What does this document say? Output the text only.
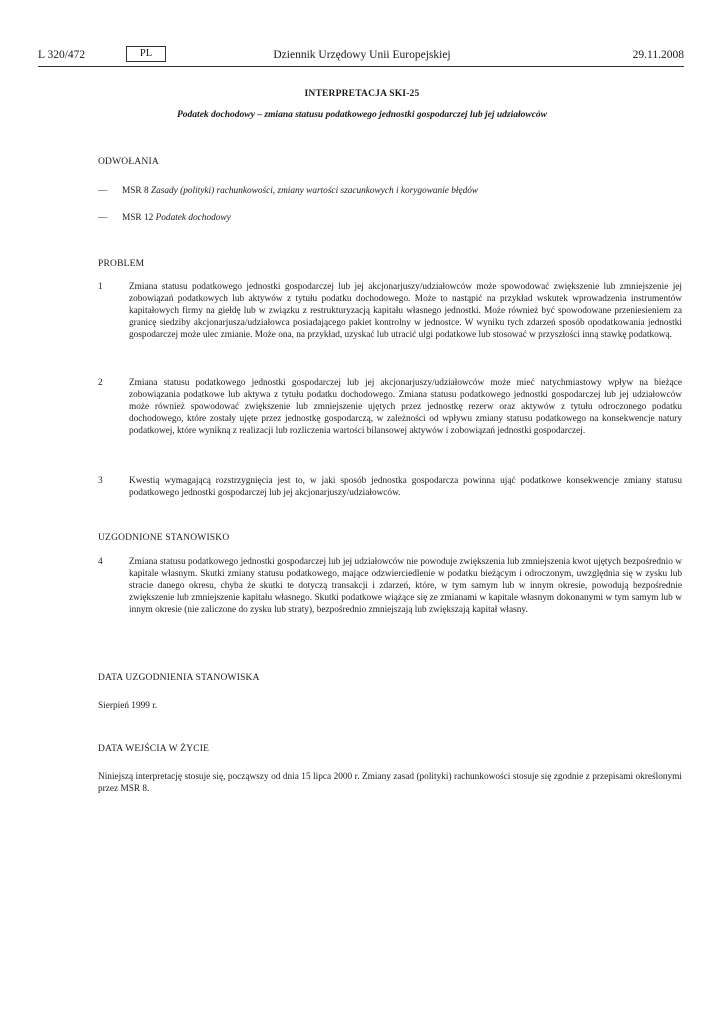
L 320/472	PL	Dziennik Urzędowy Unii Europejskiej	29.11.2008
INTERPRETACJA SKI-25
Podatek dochodowy – zmiana statusu podatkowego jednostki gospodarczej lub jej udziałowców
ODWOŁANIA
— MSR 8 Zasady (polityki) rachunkowości, zmiany wartości szacunkowych i korygowanie błędów
— MSR 12 Podatek dochodowy
PROBLEM
1	Zmiana statusu podatkowego jednostki gospodarczej lub jej akcjonarjuszy/udziałowców może spowodować zwiększenie lub zmniejszenie jej zobowiązań podatkowych lub aktywów z tytułu podatku dochodowego. Może to nastąpić na przykład wskutek wprowadzenia instrumentów kapitałowych firmy na giełdę lub w związku z restrukturyzacją kapitału własnego jednostki. Może również być spowodowane przeniesieniem za granicę siedziby akcjonarjusza/udziałowca posiadającego pakiet kontrolny w jednostce. W wyniku tych zdarzeń sposób opodatkowania jednostki gospodarczej może ulec zmianie. Może ona, na przykład, uzyskać lub utracić ulgi podatkowe lub stosować w przyszłości inną stawkę podatkową.
2	Zmiana statusu podatkowego jednostki gospodarczej lub jej akcjonarjuszy/udziałowców może mieć natychmiastowy wpływ na bieżące zobowiązania podatkowe lub aktywa z tytułu podatku dochodowego. Zmiana statusu podatkowego jednostki gospodarczej lub jej udziałowców może również spowodować zwiększenie lub zmniejszenie ujętych przez jednostkę rezerw oraz aktywów z tytułu odroczonego podatku dochodowego, które zostały ujęte przez jednostkę gospodarczą, w zależności od wpływu zmiany statusu podatkowego na konsekwencje natury podatkowej, które wynikną z realizacji lub rozliczenia wartości bilansowej aktywów i zobowiązań jednostki gospodarczej.
3	Kwestią wymagającą rozstrzygnięcia jest to, w jaki sposób jednostka gospodarcza powinna ująć podatkowe konsekwencje zmiany statusu podatkowego jednostki gospodarczej lub jej akcjonarjuszy/udziałowców.
UZGODNIONE STANOWISKO
4	Zmiana statusu podatkowego jednostki gospodarczej lub jej udziałowców nie powoduje zwiększenia lub zmniejszenia kwot ujętych bezpośrednio w kapitale własnym. Skutki zmiany statusu podatkowego, mające odzwierciedlenie w podatku bieżącym i odroczonym, uwzględnia się w zysku lub stracie danego okresu, chyba że skutki te dotyczą transakcji i zdarzeń, które, w tym samym lub w innym okresie, powodują bezpośrednie zwiększenie lub zmniejszenie kapitału własnego. Skutki podatkowe wiążące się ze zmianami w kapitale własnym dokonanymi w tym samym lub w innym okresie (nie zaliczone do zysku lub straty), bezpośrednio zmniejszają lub zwiększają kapitał własny.
DATA UZGODNIENIA STANOWISKA
Sierpień 1999 r.
DATA WEJŚCIA W ŻYCIE
Niniejszą interpretację stosuje się, począwszy od dnia 15 lipca 2000 r. Zmiany zasad (polityki) rachunkowości stosuje się zgodnie z przepisami określonymi przez MSR 8.
